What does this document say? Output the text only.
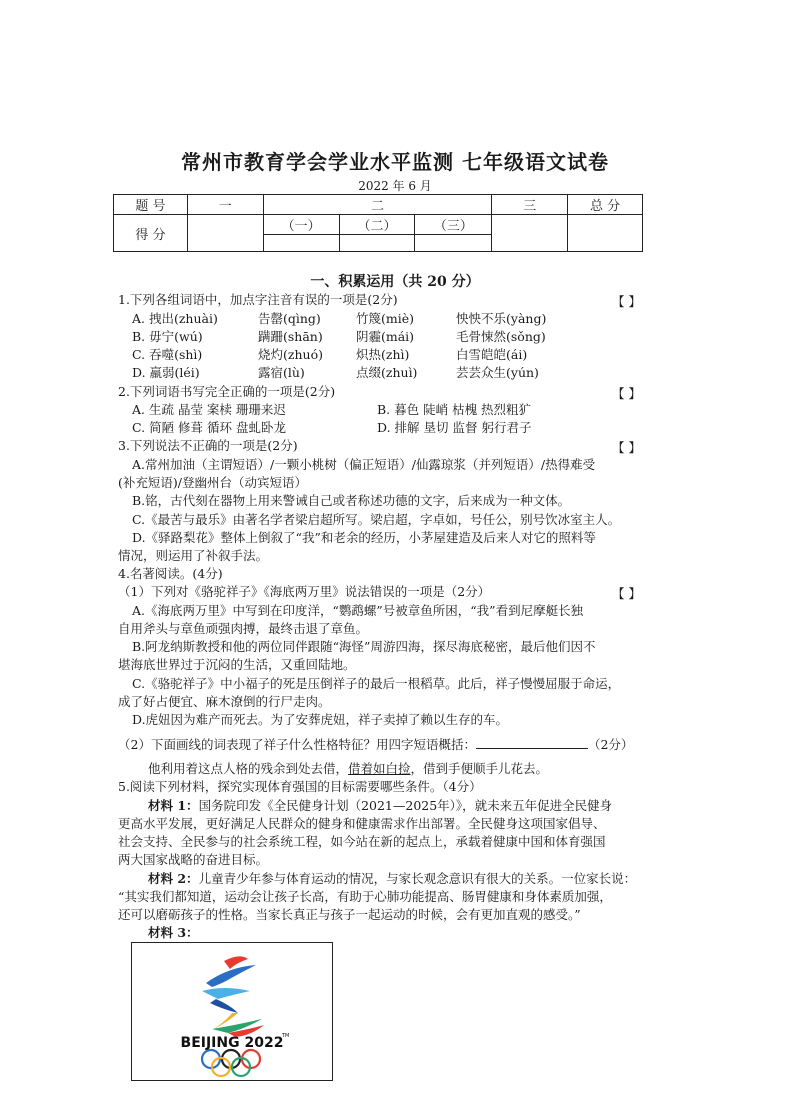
常州市教育学会学业水平监测 七年级语文试卷
2022 年 6 月
题 号	一	二			三	总 分
得 分		（一）	（二）	（三）		

一、积累运用（共 20 分）
1.下列各组词语中，加点字注音有误的一项是(2分)	【 】
A. 拽出(zhuài)	告罄(qìng)	竹篾(miè)	怏怏不乐(yàng)
B. 毋宁(wú)	蹒跚(shān)	阴霾(mái)	毛骨悚然(sǒng)
C. 吞噬(shì)	烧灼(zhuó)	炽热(zhì)	白雪皑皑(ái)
D. 羸弱(léi)	露宿(lù)	点缀(zhuì)	芸芸众生(yún)
2.下列词语书写完全正确的一项是(2分)	【 】
A. 生疏 晶莹 案椟 珊珊来迟	B. 暮色 陡峭 枯槐 热烈粗犷
C. 简陋 修葺 循环 盘虬卧龙	D. 排解 垦切 监督 躬行君子
3.下列说法不正确的一项是(2分)	【 】
A.常州加油（主谓短语）/一颗小桃树（偏正短语）/仙露琼浆（并列短语）/热得难受
(补充短语)/登幽州台（动宾短语）
B.铭，古代刻在器物上用来警诫自己或者称述功德的文字，后来成为一种文体。
C.《最苦与最乐》由著名学者梁启超所写。梁启超，字卓如，号任公，别号饮冰室主人。
D.《驿路梨花》整体上倒叙了“我”和老余的经历，小茅屋建造及后来人对它的照料等
情况，则运用了补叙手法。
4.名著阅读。(4分)
（1）下列对《骆驼祥子》《海底两万里》说法错误的一项是（2分）	【 】
A.《海底两万里》中写到在印度洋，“鹦鹉螺”号被章鱼所困，“我”看到尼摩艇长独
自用斧头与章鱼顽强肉搏，最终击退了章鱼。
B.阿龙纳斯教授和他的两位同伴跟随“海怪”周游四海，探尽海底秘密，最后他们因不
堪海底世界过于沉闷的生活，又重回陆地。
C.《骆驼祥子》中小福子的死是压倒祥子的最后一根稻草。此后，祥子慢慢屈服于命运，
成了好占便宜、麻木潦倒的行尸走肉。
D.虎妞因为难产而死去。为了安葬虎妞，祥子卖掉了赖以生存的车。
（2）下面画线的词表现了祥子什么性格特征？用四字短语概括：	（2分）
他利用着这点人格的残余到处去借，借着如白捡，借到手便顺手儿花去。
5.阅读下列材料，探究实现体育强国的目标需要哪些条件。（4分）
材料 1：国务院印发《全民健身计划（2021—2025年）》，就未来五年促进全民健身
更高水平发展，更好满足人民群众的健身和健康需求作出部署。全民健身这项国家倡导、
社会支持、全民参与的社会系统工程，如今站在新的起点上，承载着健康中国和体育强国
两大国家战略的奋进目标。
材料 2：儿童青少年参与体育运动的情况，与家长观念意识有很大的关系。一位家长说：
“其实我们都知道，运动会让孩子长高，有助于心肺功能提高、肠胃健康和身体素质加强，
还可以磨砺孩子的性格。当家长真正与孩子一起运动的时候，会有更加直观的感受。”
材料 3：
BEIJING 2022
TM
